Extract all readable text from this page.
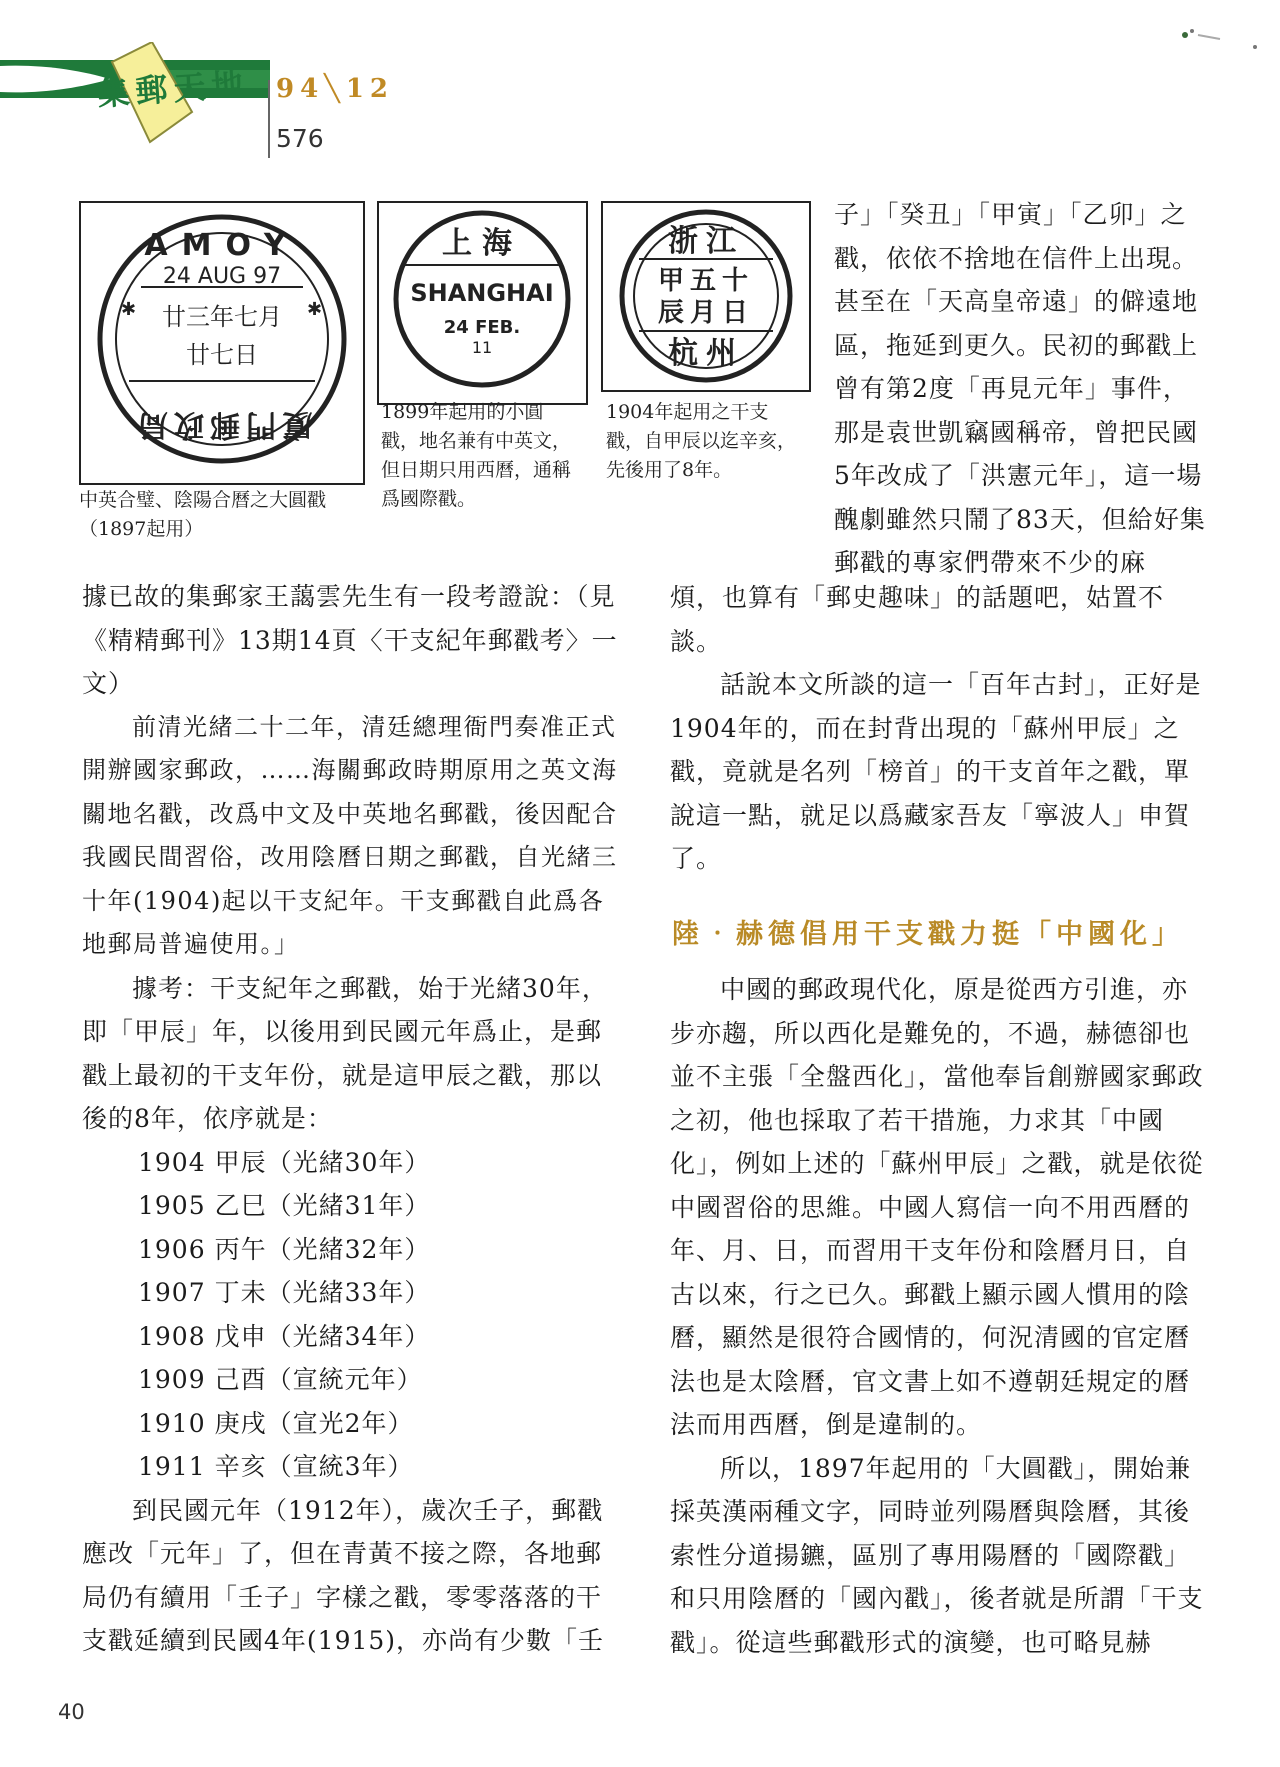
集郵天地 94╲12
576
AMOY
24 AUG 97
廿三年七月
廿七日
✱	✱
廈門郵政局

中英合璧、陰陽合曆之大圓戳（1897起用）

上海
SHANGHAI
24 FEB.
11

1899年起用的小圓戳，地名兼有中英文，但日期只用西曆，通稱爲國際戳。

浙江
甲五十
辰月日
杭州

1904年起用之干支戳，自甲辰以迄辛亥，先後用了8年。

子」「癸丑」「甲寅」「乙卯」之戳，依依不捨地在信件上出現。甚至在「天高皇帝遠」的僻遠地區，拖延到更久。民初的郵戳上曾有第2度「再見元年」事件，那是袁世凱竊國稱帝，曾把民國5年改成了「洪憲元年」，這一場醜劇雖然只鬧了83天，但給好集郵戳的專家們帶來不少的麻

據已故的集郵家王藹雲先生有一段考證說：（見《精精郵刊》13期14頁〈干支紀年郵戳考〉一文）

前清光緒二十二年，清廷總理衙門奏准正式開辦國家郵政，……海關郵政時期原用之英文海關地名戳，改爲中文及中英地名郵戳，後因配合我國民間習俗，改用陰曆日期之郵戳，自光緒三十年(1904)起以干支紀年。干支郵戳自此爲各地郵局普遍使用。」

據考：干支紀年之郵戳，始于光緒30年，即「甲辰」年，以後用到民國元年爲止，是郵戳上最初的干支年份，就是這甲辰之戳，那以後的8年，依序就是：

1904 甲辰（光緒30年）

1905 乙巳（光緒31年）

1906 丙午（光緒32年）

1907 丁未（光緒33年）

1908 戊申（光緒34年）

1909 己酉（宣統元年）

1910 庚戌（宣光2年）

1911 辛亥（宣統3年）

到民國元年（1912年），歲次壬子，郵戳應改「元年」了，但在青黃不接之際，各地郵局仍有續用「壬子」字樣之戳，零零落落的干支戳延續到民國4年(1915)，亦尚有少數「壬

煩，也算有「郵史趣味」的話題吧，姑置不談。

話說本文所談的這一「百年古封」，正好是1904年的，而在封背出現的「蘇州甲辰」之戳，竟就是名列「榜首」的干支首年之戳，單說這一點，就足以爲藏家吾友「寧波人」申賀了。

陸‧赫德倡用干支戳力挺「中國化」

中國的郵政現代化，原是從西方引進，亦步亦趨，所以西化是難免的，不過，赫德卻也並不主張「全盤西化」，當他奉旨創辦國家郵政之初，他也採取了若干措施，力求其「中國化」，例如上述的「蘇州甲辰」之戳，就是依從中國習俗的思維。中國人寫信一向不用西曆的年、月、日，而習用干支年份和陰曆月日，自古以來，行之已久。郵戳上顯示國人慣用的陰曆，顯然是很符合國情的，何況清國的官定曆法也是太陰曆，官文書上如不遵朝廷規定的曆法而用西曆，倒是違制的。

所以，1897年起用的「大圓戳」，開始兼採英漢兩種文字，同時並列陽曆與陰曆，其後索性分道揚鑣，區別了專用陽曆的「國際戳」和只用陰曆的「國內戳」，後者就是所謂「干支戳」。從這些郵戳形式的演變，也可略見赫

40
